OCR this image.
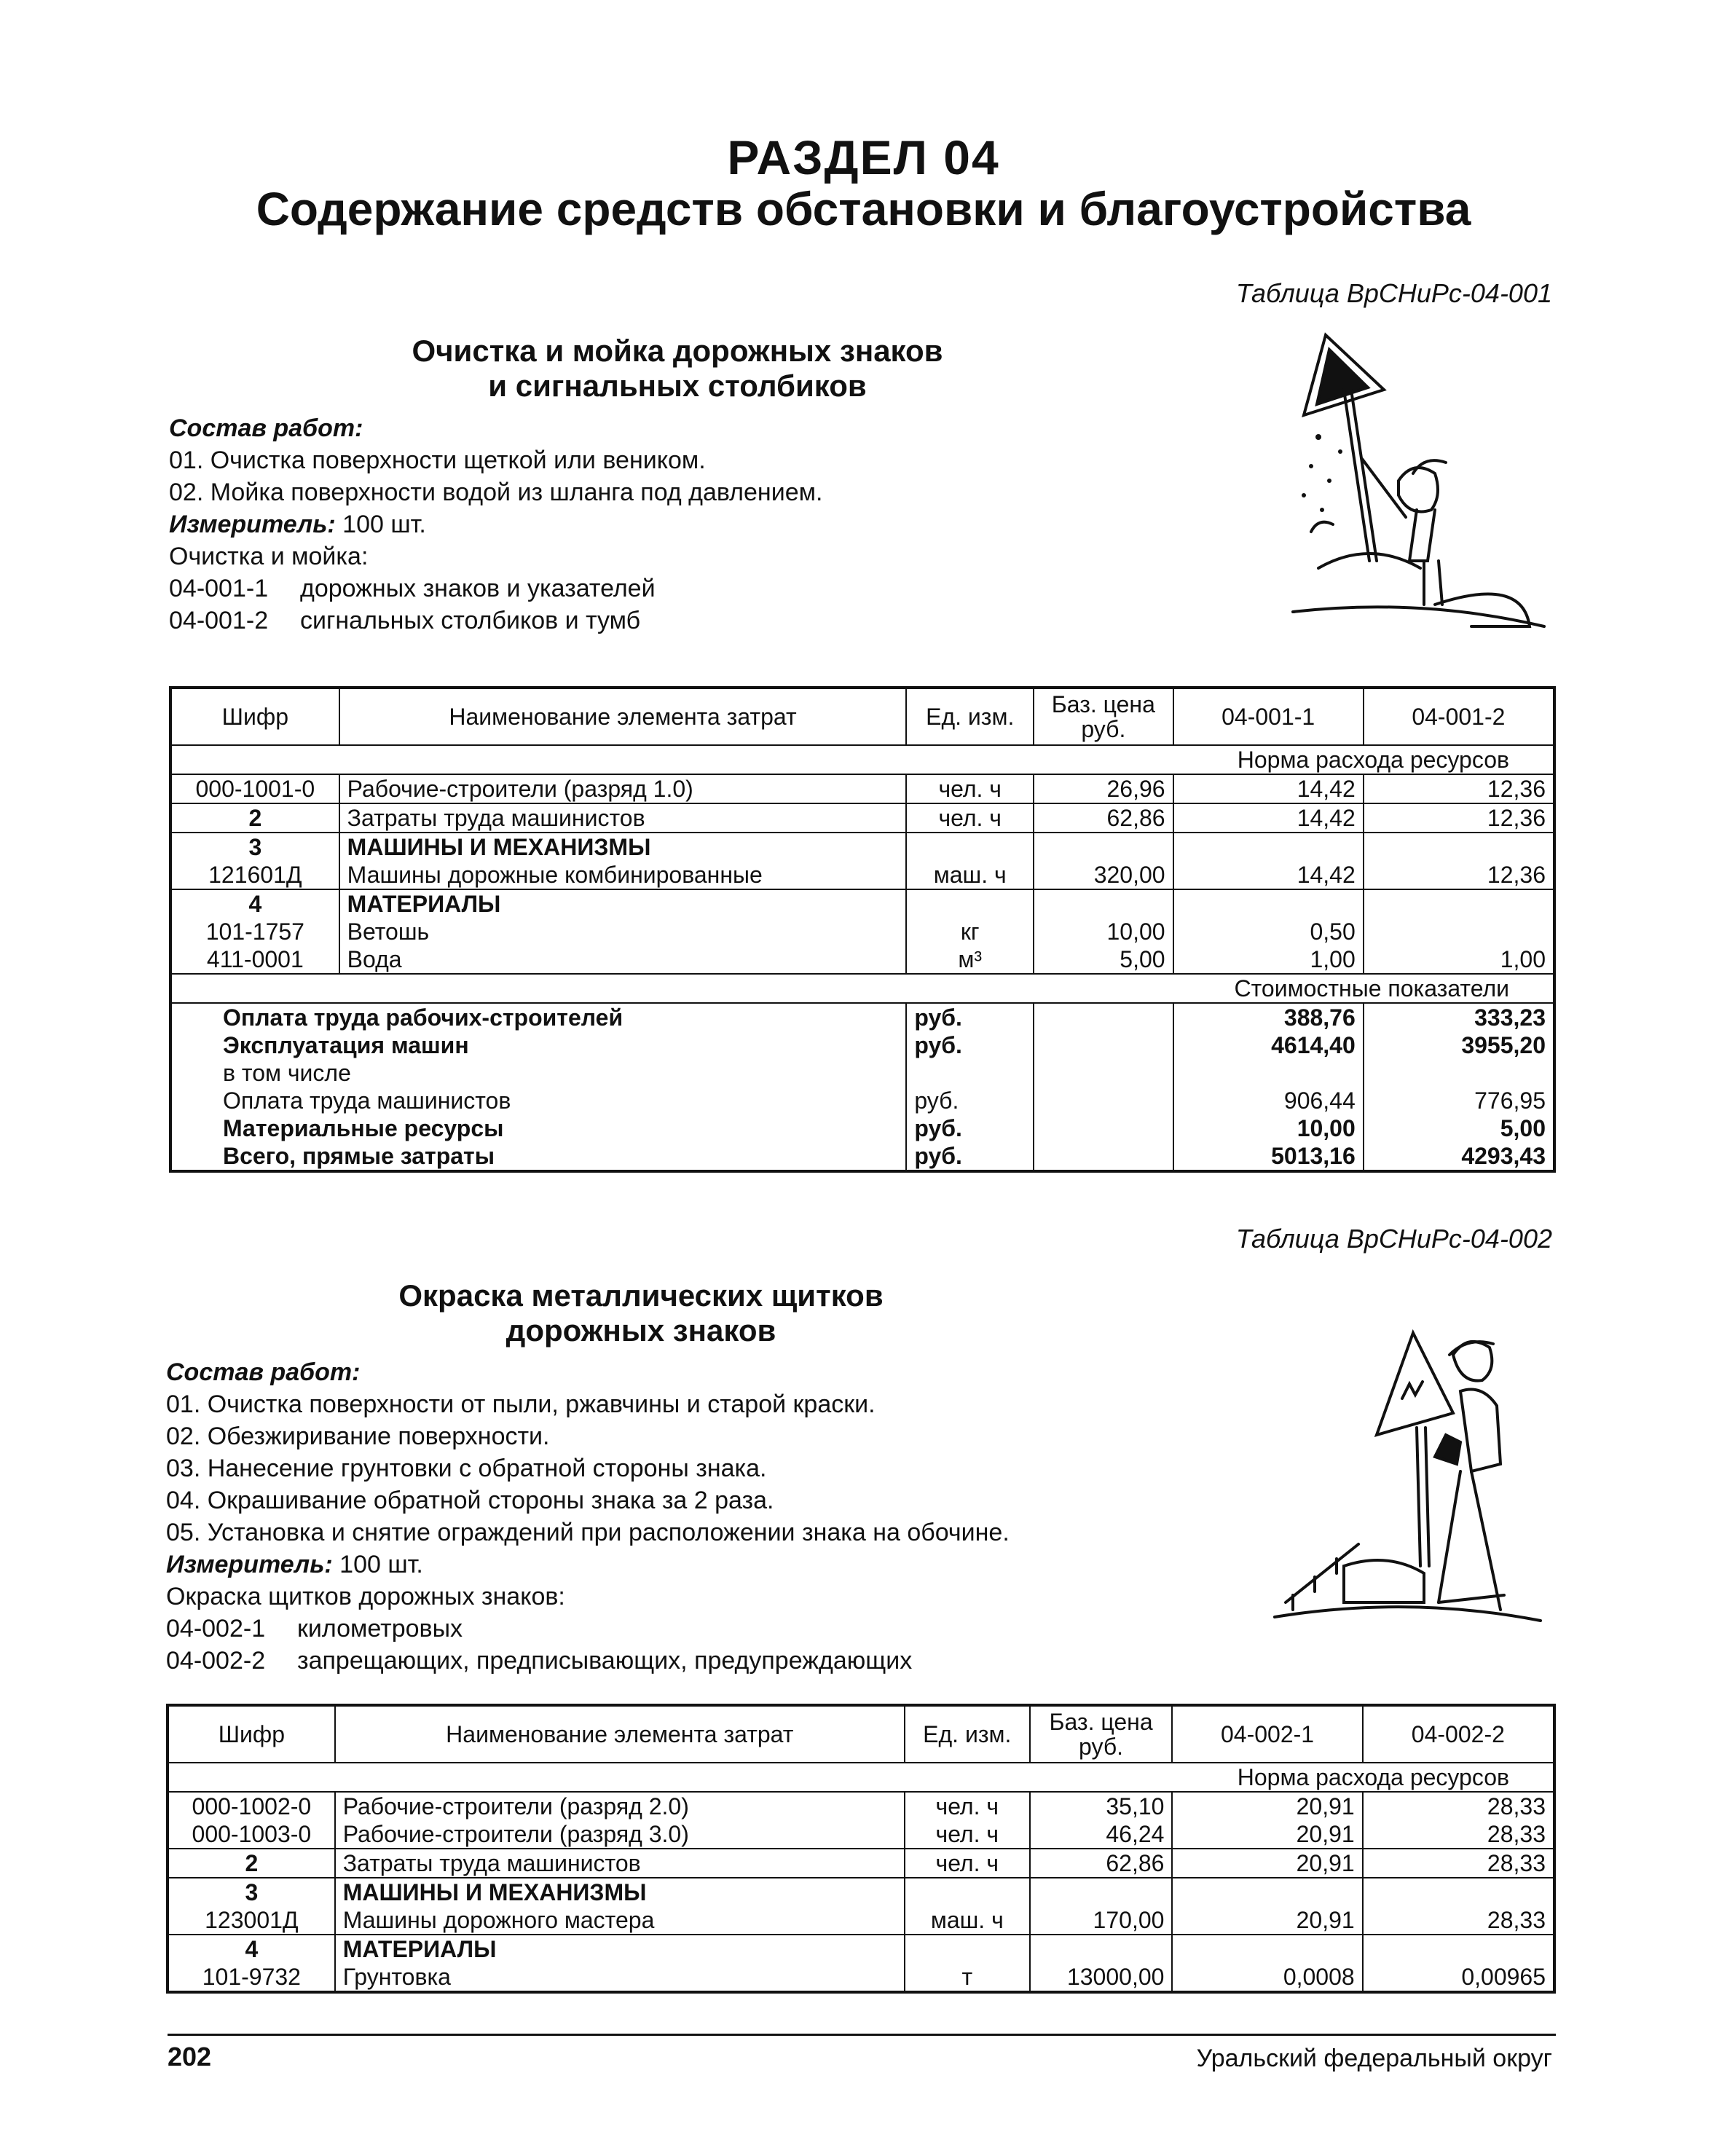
РАЗДЕЛ 04
Содержание средств обстановки и благоустройства
Таблица ВрСНиРс-04-001
Очистка и мойка дорожных знаков
и сигнальных столбиков
Состав работ:
01. Очистка поверхности щеткой или веником.
02. Мойка поверхности водой из шланга под давлением.
Измеритель: 100 шт.
Очистка и мойка:
04-001-1 дорожных знаков и указателей
04-001-2 сигнальных столбиков и тумб
Шифр	Наименование элемента затрат	Ед. изм.	Баз. цена руб.	04-001-1	04-001-2
Норма расхода ресурсов					
000-1001-0	Рабочие-строители (разряд 1.0)	чел. ч	26,96	14,42	12,36
2	Затраты труда машинистов	чел. ч	62,86	14,42	12,36
3	МАШИНЫ И МЕХАНИЗМЫ				
121601Д	Машины дорожные комбинированные	маш. ч	320,00	14,42	12,36
4	МАТЕРИАЛЫ				
101-1757	Ветошь	кг	10,00	0,50	
411-0001	Вода	м³	5,00	1,00	1,00
Стоимостные показатели					
Оплата труда рабочих-строителей		руб.		388,76	333,23
Эксплуатация машин		руб.		4614,40	3955,20
в том числе					
Оплата труда машинистов		руб.		906,44	776,95
Материальные ресурсы		руб.		10,00	5,00
Всего, прямые затраты		руб.		5013,16	4293,43
Таблица ВрСНиРс-04-002
Окраска металлических щитков
дорожных знаков
Состав работ:
01. Очистка поверхности от пыли, ржавчины и старой краски.
02. Обезжиривание поверхности.
03. Нанесение грунтовки с обратной стороны знака.
04. Окрашивание обратной стороны знака за 2 раза.
05. Установка и снятие ограждений при расположении знака на обочине.
Измеритель: 100 шт.
Окраска щитков дорожных знаков:
04-002-1 километровых
04-002-2 запрещающих, предписывающих, предупреждающих
Шифр	Наименование элемента затрат	Ед. изм.	Баз. цена руб.	04-002-1	04-002-2
Норма расхода ресурсов					
000-1002-0	Рабочие-строители (разряд 2.0)	чел. ч	35,10	20,91	28,33
000-1003-0	Рабочие-строители (разряд 3.0)	чел. ч	46,24	20,91	28,33
2	Затраты труда машинистов	чел. ч	62,86	20,91	28,33
3	МАШИНЫ И МЕХАНИЗМЫ				
123001Д	Машины дорожного мастера	маш. ч	170,00	20,91	28,33
4	МАТЕРИАЛЫ				
101-9732	Грунтовка	т	13000,00	0,0008	0,00965
202	Уральский федеральный округ
